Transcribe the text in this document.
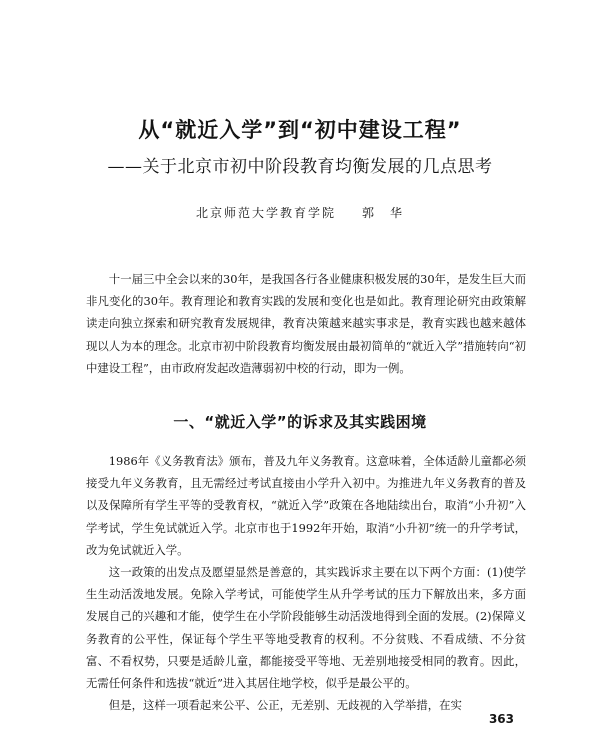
从“就近入学”到“初中建设工程”
——关于北京市初中阶段教育均衡发展的几点思考
北京师范大学教育学院 郭　华

十一届三中全会以来的30年，是我国各行各业健康积极发展的30年，是发生巨大而非凡变化的30年。教育理论和教育实践的发展和变化也是如此。教育理论研究由政策解读走向独立探索和研究教育发展规律，教育决策越来越实事求是，教育实践也越来越体现以人为本的理念。北京市初中阶段教育均衡发展由最初简单的“就近入学”措施转向“初中建设工程”，由市政府发起改造薄弱初中校的行动，即为一例。

一、“就近入学”的诉求及其实践困境

1986年《义务教育法》颁布，普及九年义务教育。这意味着，全体适龄儿童都必须接受九年义务教育，且无需经过考试直接由小学升入初中。为推进九年义务教育的普及以及保障所有学生平等的受教育权，“就近入学”政策在各地陆续出台，取消“小升初”入学考试，学生免试就近入学。北京市也于1992年开始，取消“小升初”统一的升学考试，改为免试就近入学。

这一政策的出发点及愿望显然是善意的，其实践诉求主要在以下两个方面：(1)使学生生动活泼地发展。免除入学考试，可能使学生从升学考试的压力下解放出来，多方面发展自己的兴趣和才能，使学生在小学阶段能够生动活泼地得到全面的发展。(2)保障义务教育的公平性，保证每个学生平等地受教育的权利。不分贫贱、不看成绩、不分贫富、不看权势，只要是适龄儿童，都能接受平等地、无差别地接受相同的教育。因此，无需任何条件和选拔“就近”进入其居住地学校，似乎是最公平的。

但是，这样一项看起来公平、公正，无差别、无歧视的入学举措，在实

363
